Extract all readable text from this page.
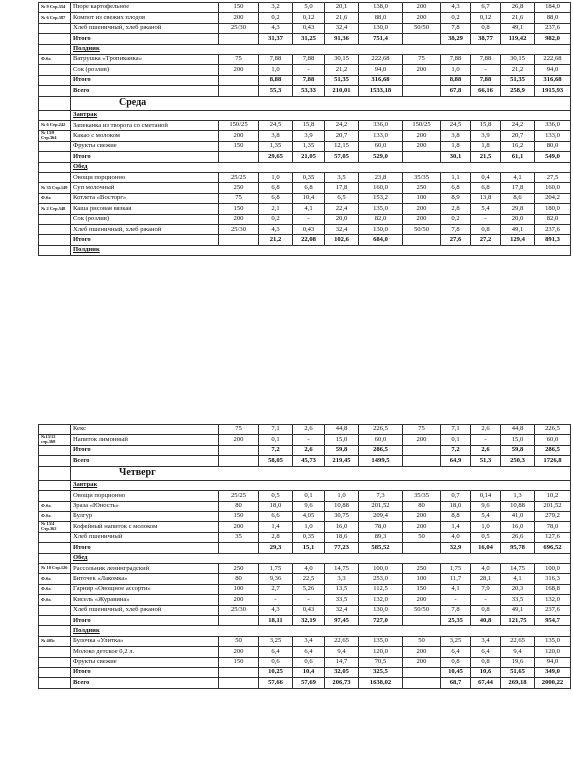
№ 9 Стр.354	Пюре картофельное	150	3,2	5,0	20,1	138,0	200	4,3	6,7	26,8	184,0
№ 6 Стр.387	Компот из свежих плодов	200	0,2	0,12	21,6	88,0	200	0,2	0,12	21,6	88,0
	Хлеб пшеничный, хлеб ржаной	25/30	4,3	0,43	32,4	130,0	50/50	7,8	0,8	49,1	237,6
	Итого		31,37	31,25	91,36	751,4		38,29	38,77	119,42	982,0
	Полдник										
Ф.бл.	Ватрушка «Тропиканка»	75	7,88	7,88	30,15	222,68	75	7,88	7,88	30,15	222,68
	Сок (розлив)	200	1,0	-	21,2	94,0	200	1,0	-	21,2	94,0
	Итого		8,88	7,88	51,35	316,68		8,88	7,88	51,35	316,68
	Всего		55,3	53,33	210,01	1533,18		67,8	66,16	258,9	1915,93
	Среда										
	Завтрак										
№ 6 Стр.242	Запеканка из творога со сметаной	150/25	24,5	15,8	24,2	336,0	150/25	24,5	15,8	24,2	336,0
№ 13/8 Стр.364	Какао с молоком	200	3,8	3,9	20,7	133,0	200	3,8	3,9	20,7	133,0
	Фрукты свежие	150	1,35	1,35	12,15	60,0	200	1,8	1,8	16,2	80,0
	Итого		29,65	21,05	57,05	529,0		30,1	21,5	61,1	549,0
	Обед										
	Овощи порционно	25/25	1,0	0,35	3,5	23,8	35/35	1,1	0,4	4,1	27,5
№ 35 Стр.149	Суп молочный	250	6,8	6,8	17,8	160,0	250	6,8	6,8	17,8	160,0
Ф.бл.	Котлета «Восторг»	75	6,8	10,4	6,5	153,2	100	8,9	13,8	8,6	204,2
№ 2 Стр.348	Каша рисовая вязкая	150	2,1	4,1	22,4	135,0	200	2,8	5,4	29,8	180,0
	Сок (розлив)	200	0,2	-	20,0	82,0	200	0,2	-	20,0	82,0
	Хлеб пшеничный, хлеб ржаной	25/30	4,3	0,43	32,4	130,0	50/50	7,8	0,8	49,1	237,6
	Итого		21,2	22,08	102,6	684,0		27,6	27,2	129,4	891,3
	Полдник										
	Кекс	75	7,1	2,6	44,8	226,5	75	7,1	2,6	44,8	226,5
№13/12 стр.368	Напиток лимонный	200	0,1	-	15,0	60,0	200	0,1	-	15,0	60,0
	Итого		7,2	2,6	59,8	286,5		7,2	2,6	59,8	286,5
	Всего		58,05	45,73	219,45	1499,5		64,9	51,3	250,3	1726,8
	Четверг										
	Завтрак										
	Овощи порционно	25/25	0,5	0,1	1,0	7,3	35/35	0,7	0,14	1,3	10,2
Ф.бл.	Зраза «Юность»	80	18,0	9,6	10,88	201,52	80	18,0	9,6	10,88	201,52
Ф.бл.	Булгур	150	6,6	4,05	30,75	209,4	200	8,8	5,4	41,0	279,2
№ 13/4 Стр.362	Кофейный напиток с молоком	200	1,4	1,0	16,0	78,0	200	1,4	1,0	16,0	78,0
	Хлеб пшеничный	35	2,8	0,35	18,6	89,3	50	4,0	0,5	26,6	127,6
	Итого		29,3	15,1	77,23	585,52		32,9	16,04	95,78	696,52
	Обед										
№ 10 Стр.126	Рассольник ленинградский	250	1,75	4,0	14,75	100,0	250	1,75	4,0	14,75	100,0
Ф.бл.	Биточек «Лакомка»	80	9,36	22,5	3,3	253,0	100	11,7	28,1	4,1	316,3
Ф.бл.	Гарнир «Овощное ассорти»	100	2,7	5,26	13,5	112,5	150	4,1	7,9	20,3	168,8
Ф.бл.	Кисель «Журавина»	200	-	-	33,5	132,0	200	-	-	33,5	132,0
	Хлеб пшеничный, хлеб ржаной	25/30	4,3	0,43	32,4	130,0	50/50	7,8	0,8	49,1	237,6
	Итого		18,11	32,19	97,45	727,0		25,35	40,8	121,75	954,7
	Полдник										
№ 405с	Булочка «Улитка»	50	3,25	3,4	22,65	135,0	50	3,25	3,4	22,65	135,0
	Молоко детское 0,2 л.	200	6,4	6,4	9,4	120,0	200	6,4	6,4	9,4	120,0
	Фрукты свежие	150	0,6	0,6	14,7	70,5	200	0,8	0,8	19,6	94,0
	Итого		10,25	10,4	32,05	325,5		10,45	10,6	51,65	349,0
	Всего		57,66	57,69	206,73	1638,02		68,7	67,44	269,18	2000,22
